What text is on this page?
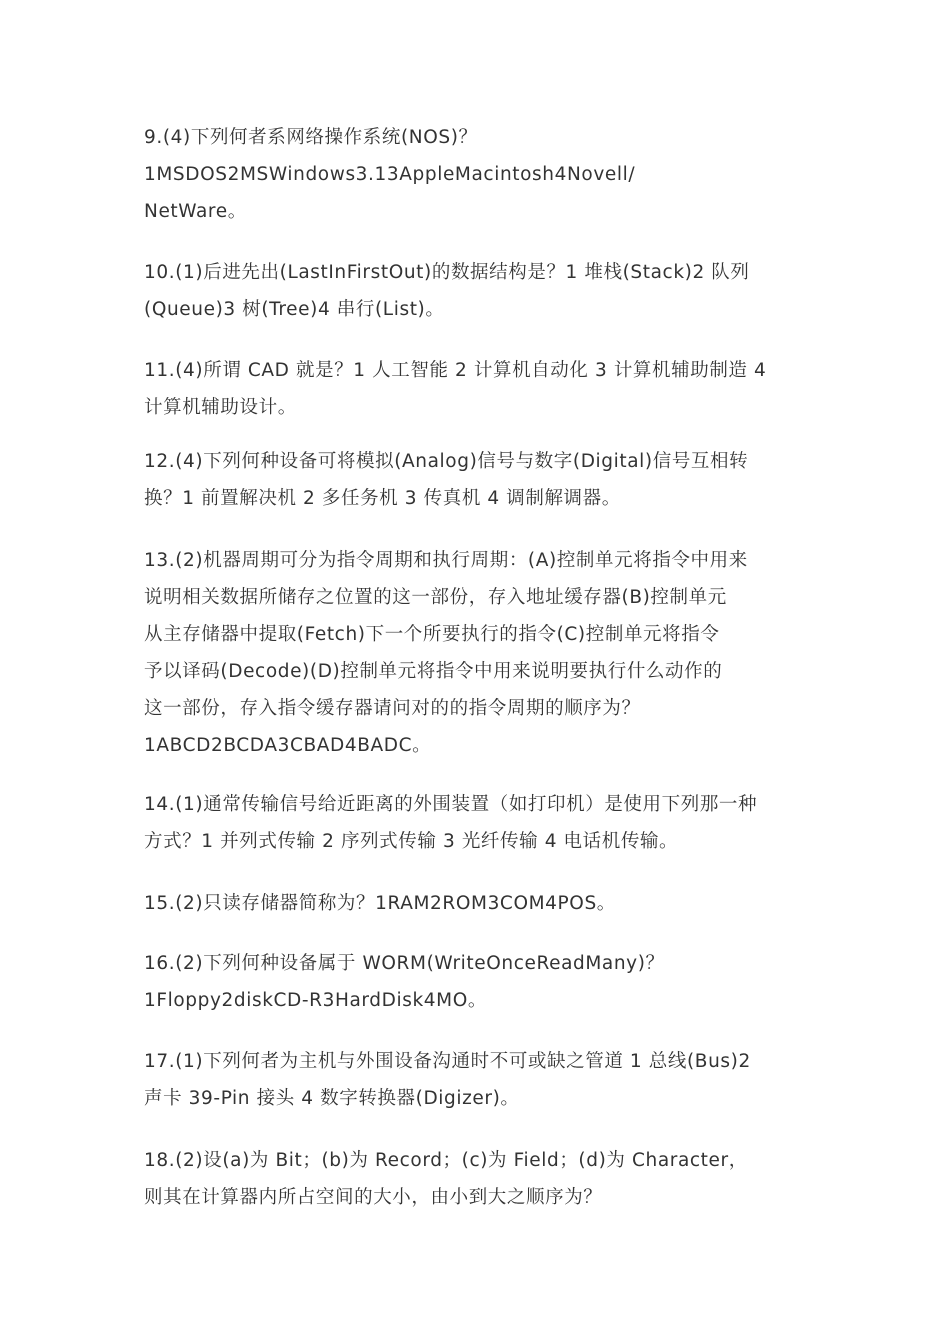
9.(4)下列何者系网络操作系统(NOS)？
1MSDOS2MSWindows3.13AppleMacintosh4Novell/
NetWare。
10.(1)后进先出(LastInFirstOut)的数据结构是？1 堆栈(Stack)2 队列
(Queue)3 树(Tree)4 串行(List)。
11.(4)所谓 CAD 就是？1 人工智能 2 计算机自动化 3 计算机辅助制造 4
计算机辅助设计。
12.(4)下列何种设备可将模拟(Analog)信号与数字(Digital)信号互相转
换？1 前置解决机 2 多任务机 3 传真机 4 调制解调器。
13.(2)机器周期可分为指令周期和执行周期：(A)控制单元将指令中用来
说明相关数据所储存之位置的这一部份，存入地址缓存器(B)控制单元
从主存储器中提取(Fetch)下一个所要执行的指令(C)控制单元将指令
予以译码(Decode)(D)控制单元将指令中用来说明要执行什么动作的
这一部份，存入指令缓存器请问对的的指令周期的顺序为？
1ABCD2BCDA3CBAD4BADC。
14.(1)通常传输信号给近距离的外围装置（如打印机）是使用下列那一种
方式？1 并列式传输 2 序列式传输 3 光纤传输 4 电话机传输。
15.(2)只读存储器简称为？1RAM2ROM3COM4POS。
16.(2)下列何种设备属于 WORM(WriteOnceReadMany)？
1Floppy2diskCD-R3HardDisk4MO。
17.(1)下列何者为主机与外围设备沟通时不可或缺之管道 1 总线(Bus)2
声卡 39-Pin 接头 4 数字转换器(Digizer)。
18.(2)设(a)为 Bit；(b)为 Record；(c)为 Field；(d)为 Character，
则其在计算器内所占空间的大小，由小到大之顺序为？
